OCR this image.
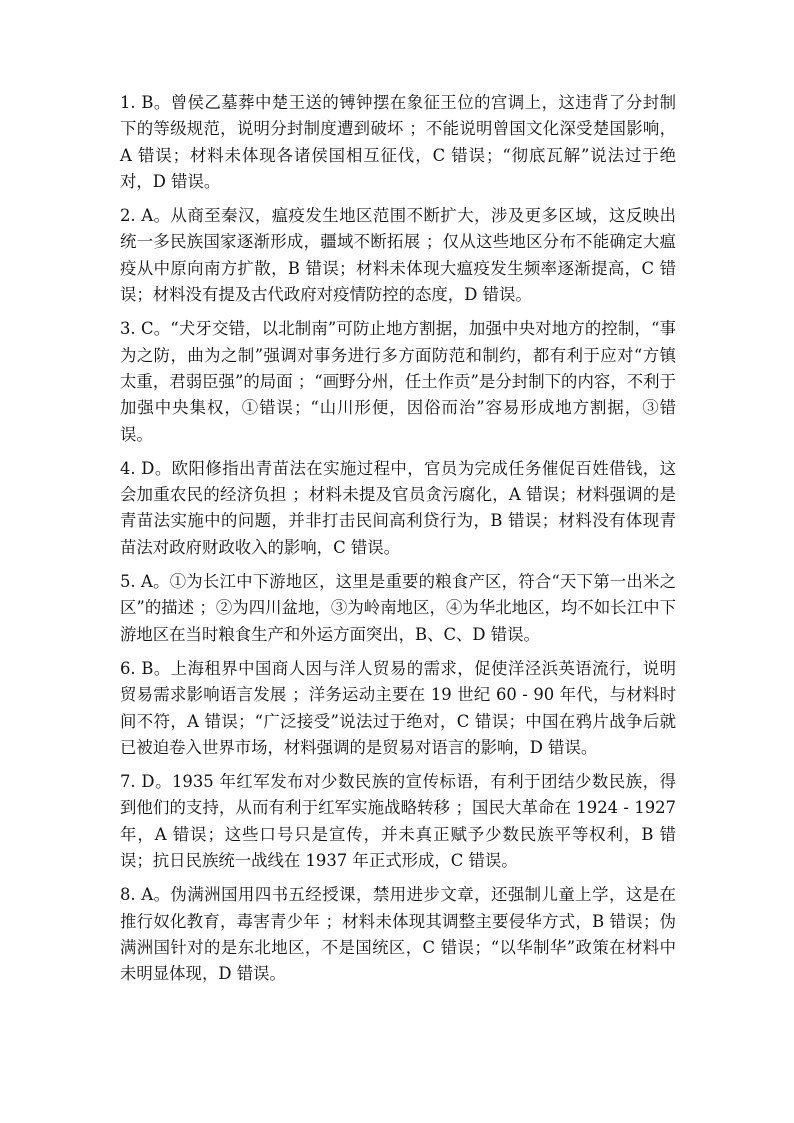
1. B。曾侯乙墓葬中楚王送的镈钟摆在象征王位的宫调上，这违背了分封制下的等级规范，说明分封制度遭到破坏 ；不能说明曾国文化深受楚国影响，A 错误；材料未体现各诸侯国相互征伐，C 错误；“彻底瓦解”说法过于绝对，D 错误。

2. A。从商至秦汉，瘟疫发生地区范围不断扩大，涉及更多区域，这反映出统一多民族国家逐渐形成，疆域不断拓展 ；仅从这些地区分布不能确定大瘟疫从中原向南方扩散，B 错误；材料未体现大瘟疫发生频率逐渐提高，C 错误；材料没有提及古代政府对疫情防控的态度，D 错误。

3. C。“犬牙交错，以北制南”可防止地方割据，加强中央对地方的控制，“事为之防，曲为之制”强调对事务进行多方面防范和制约，都有利于应对“方镇太重，君弱臣强”的局面 ；“画野分州，任土作贡”是分封制下的内容，不利于加强中央集权，①错误；“山川形便，因俗而治”容易形成地方割据，③错误。

4. D。欧阳修指出青苗法在实施过程中，官员为完成任务催促百姓借钱，这会加重农民的经济负担 ；材料未提及官员贪污腐化，A 错误；材料强调的是青苗法实施中的问题，并非打击民间高利贷行为，B 错误；材料没有体现青苗法对政府财政收入的影响，C 错误。

5. A。①为长江中下游地区，这里是重要的粮食产区，符合“天下第一出米之区”的描述 ；②为四川盆地，③为岭南地区，④为华北地区，均不如长江中下游地区在当时粮食生产和外运方面突出，B、C、D 错误。

6. B。上海租界中国商人因与洋人贸易的需求，促使洋泾浜英语流行，说明贸易需求影响语言发展 ；洋务运动主要在 19 世纪 60 - 90 年代，与材料时间不符，A 错误；“广泛接受”说法过于绝对，C 错误；中国在鸦片战争后就已被迫卷入世界市场，材料强调的是贸易对语言的影响，D 错误。

7. D。1935 年红军发布对少数民族的宣传标语，有利于团结少数民族，得到他们的支持，从而有利于红军实施战略转移 ；国民大革命在 1924 - 1927 年，A 错误；这些口号只是宣传，并未真正赋予少数民族平等权利，B 错误；抗日民族统一战线在 1937 年正式形成，C 错误。

8. A。伪满洲国用四书五经授课，禁用进步文章，还强制儿童上学，这是在推行奴化教育，毒害青少年 ；材料未体现其调整主要侵华方式，B 错误；伪满洲国针对的是东北地区，不是国统区，C 错误；“以华制华”政策在材料中未明显体现，D 错误。
